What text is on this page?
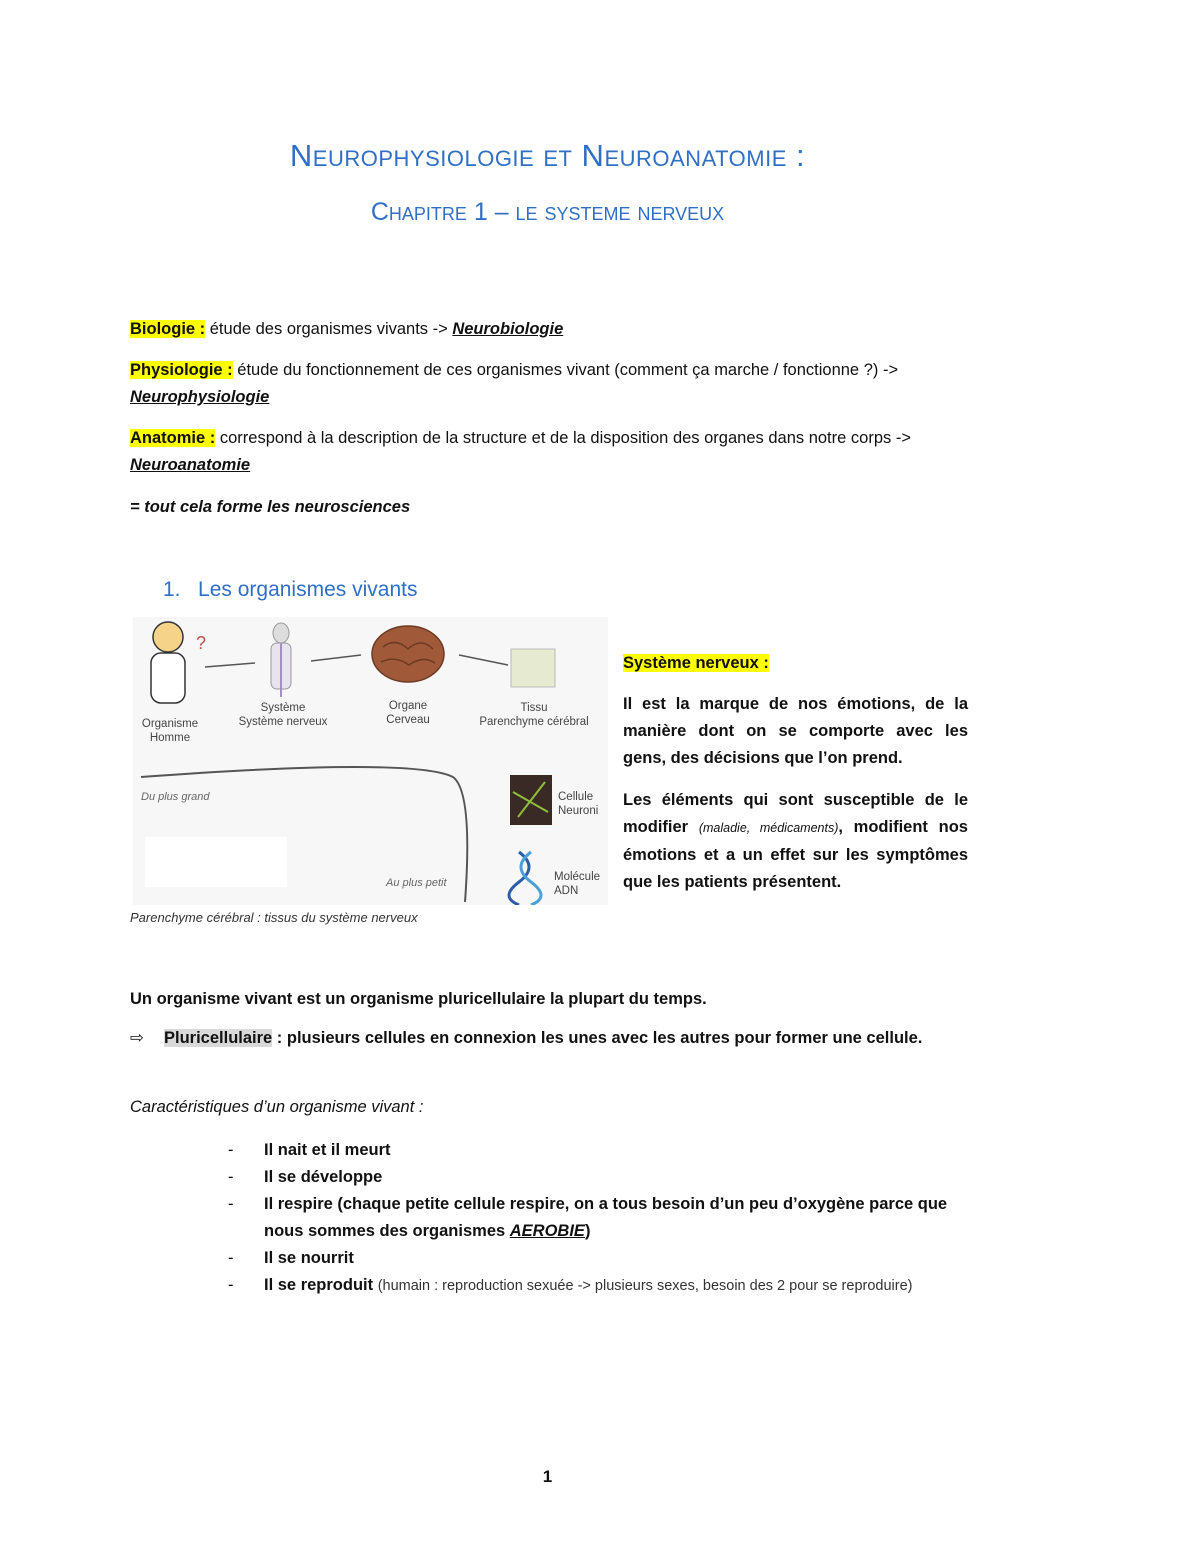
Neurophysiologie et Neuroanatomie :
Chapitre 1 – le systeme nerveux
Biologie : étude des organismes vivants -> Neurobiologie
Physiologie : étude du fonctionnement de ces organismes vivant (comment ça marche / fonctionne ?) -> Neurophysiologie
Anatomie : correspond à la description de la structure et de la disposition des organes dans notre corps -> Neuroanatomie
= tout cela forme les neurosciences
1. Les organismes vivants
?
Organisme
Homme
Système
Système nerveux
Organe
Cerveau
Tissu
Parenchyme cérébral
Cellule
Neuroni
Molécule
ADN
Du plus grand
Au plus petit
Parenchyme cérébral : tissus du système nerveux
Système nerveux :
Il est la marque de nos émotions, de la manière dont on se comporte avec les gens, des décisions que l’on prend.
Les éléments qui sont susceptible de le modifier (maladie, médicaments), modifient nos émotions et a un effet sur les symptômes que les patients présentent.
Un organisme vivant est un organisme pluricellulaire la plupart du temps.
⇨ Pluricellulaire : plusieurs cellules en connexion les unes avec les autres pour former une cellule.
Caractéristiques d’un organisme vivant :
- Il nait et il meurt
- Il se développe
- Il respire (chaque petite cellule respire, on a tous besoin d’un peu d’oxygène parce que nous sommes des organismes AEROBIE)
- Il se nourrit
- Il se reproduit (humain : reproduction sexuée -> plusieurs sexes, besoin des 2 pour se reproduire)
1
